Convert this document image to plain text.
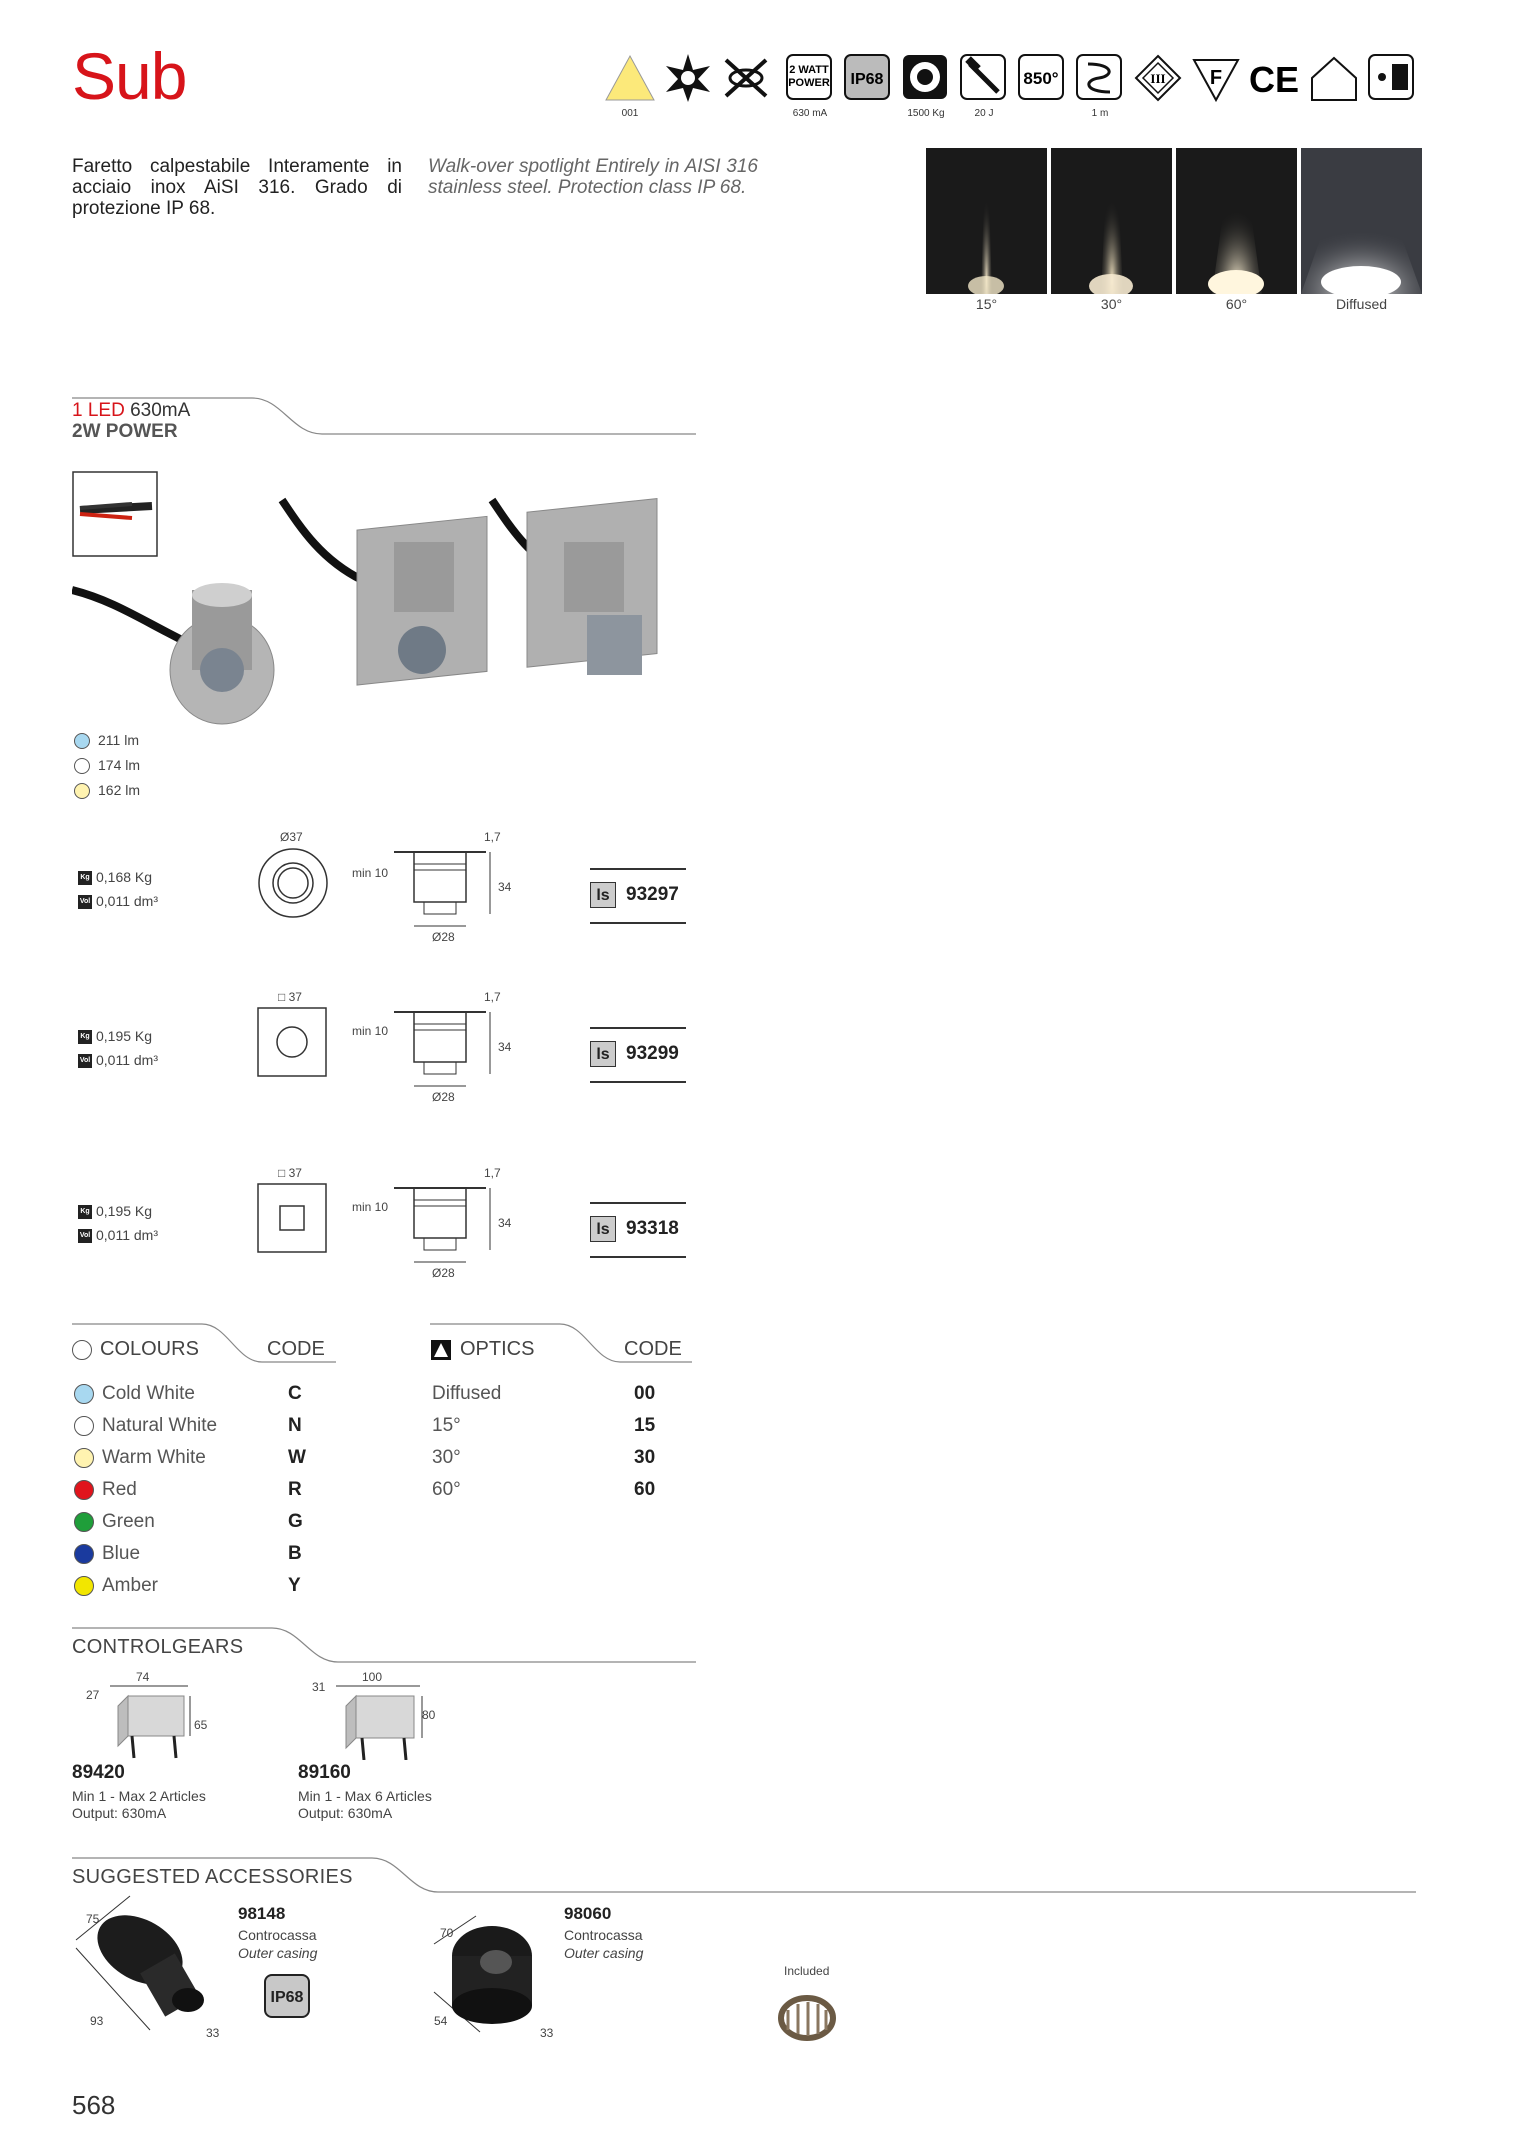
Sub
001
2 WATT
POWER
630 mA
IP68
1500 Kg	20 J
850°
1 m
III F CE
Faretto calpestabile Interamente in acciaio inox AiSI 316. Grado di protezione IP 68.
Walk-over spotlight Entirely in AISI 316 stainless steel. Protection class IP 68.
15°	30°	60°	Diffused
1 LED 630mA
2W POWER
211 lm
174 lm
162 lm
Kg 0,168 Kg
Vol 0,011 dm³
Ø37
min 10
1,7
34
Ø28
ls 93297
Kg 0,195 Kg
Vol 0,011 dm³
□ 37
min 10
1,7
34
Ø28
ls 93299
Kg 0,195 Kg
Vol 0,011 dm³
□ 37
min 10
1,7
34
Ø28
ls 93318
COLOURS	CODE
Cold White	C
Natural White	N
Warm White	W
Red	R
Green	G
Blue	B
Amber	Y
OPTICS	CODE
Diffused	00
15°	15
30°	30
60°	60
CONTROLGEARS
74
27
65
89420
Min 1 - Max 2 Articles
Output: 630mA
100
31
80
89160
Min 1 - Max 6 Articles
Output: 630mA
SUGGESTED ACCESSORIES
75
93
33
98148
Controcassa
Outer casing
IP68
70
54
33
98060
Controcassa
Outer casing
Included
568
